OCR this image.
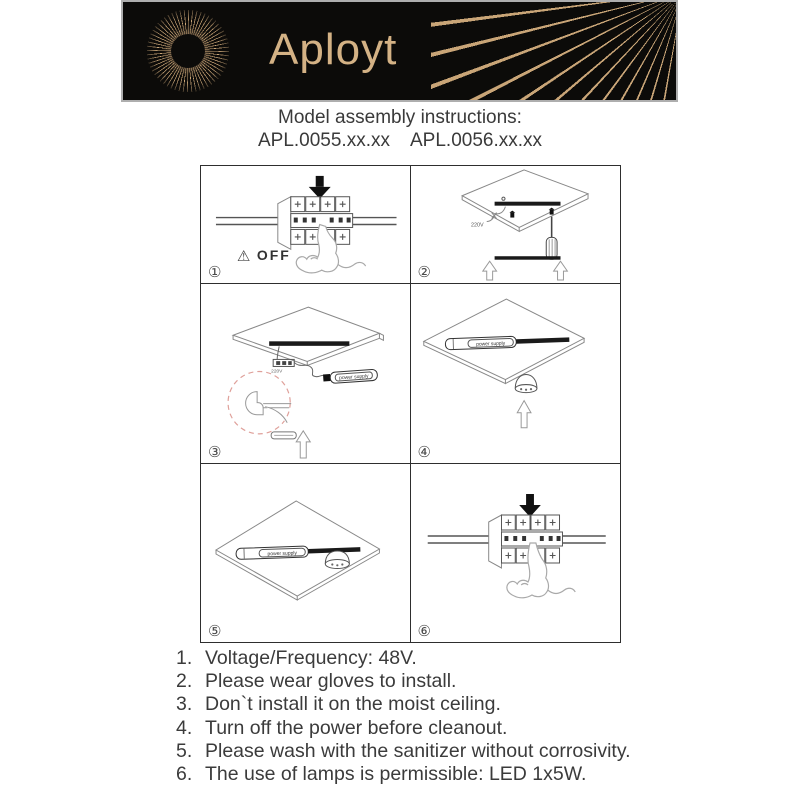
Aployt
Model assembly instructions:
APL.0055.xx.xx APL.0056.xx.xx
⚠ OFF
①
220V
②
220V
power supply
③
power supply
④
power supply
⑤	⑥
1. Voltage/Frequency: 48V.
2. Please wear gloves to install.
3. Don`t install it on the moist ceiling.
4. Turn off the power before cleanout.
5. Please wash with the sanitizer without corrosivity.
6. The use of lamps is permissible: LED 1x5W.
